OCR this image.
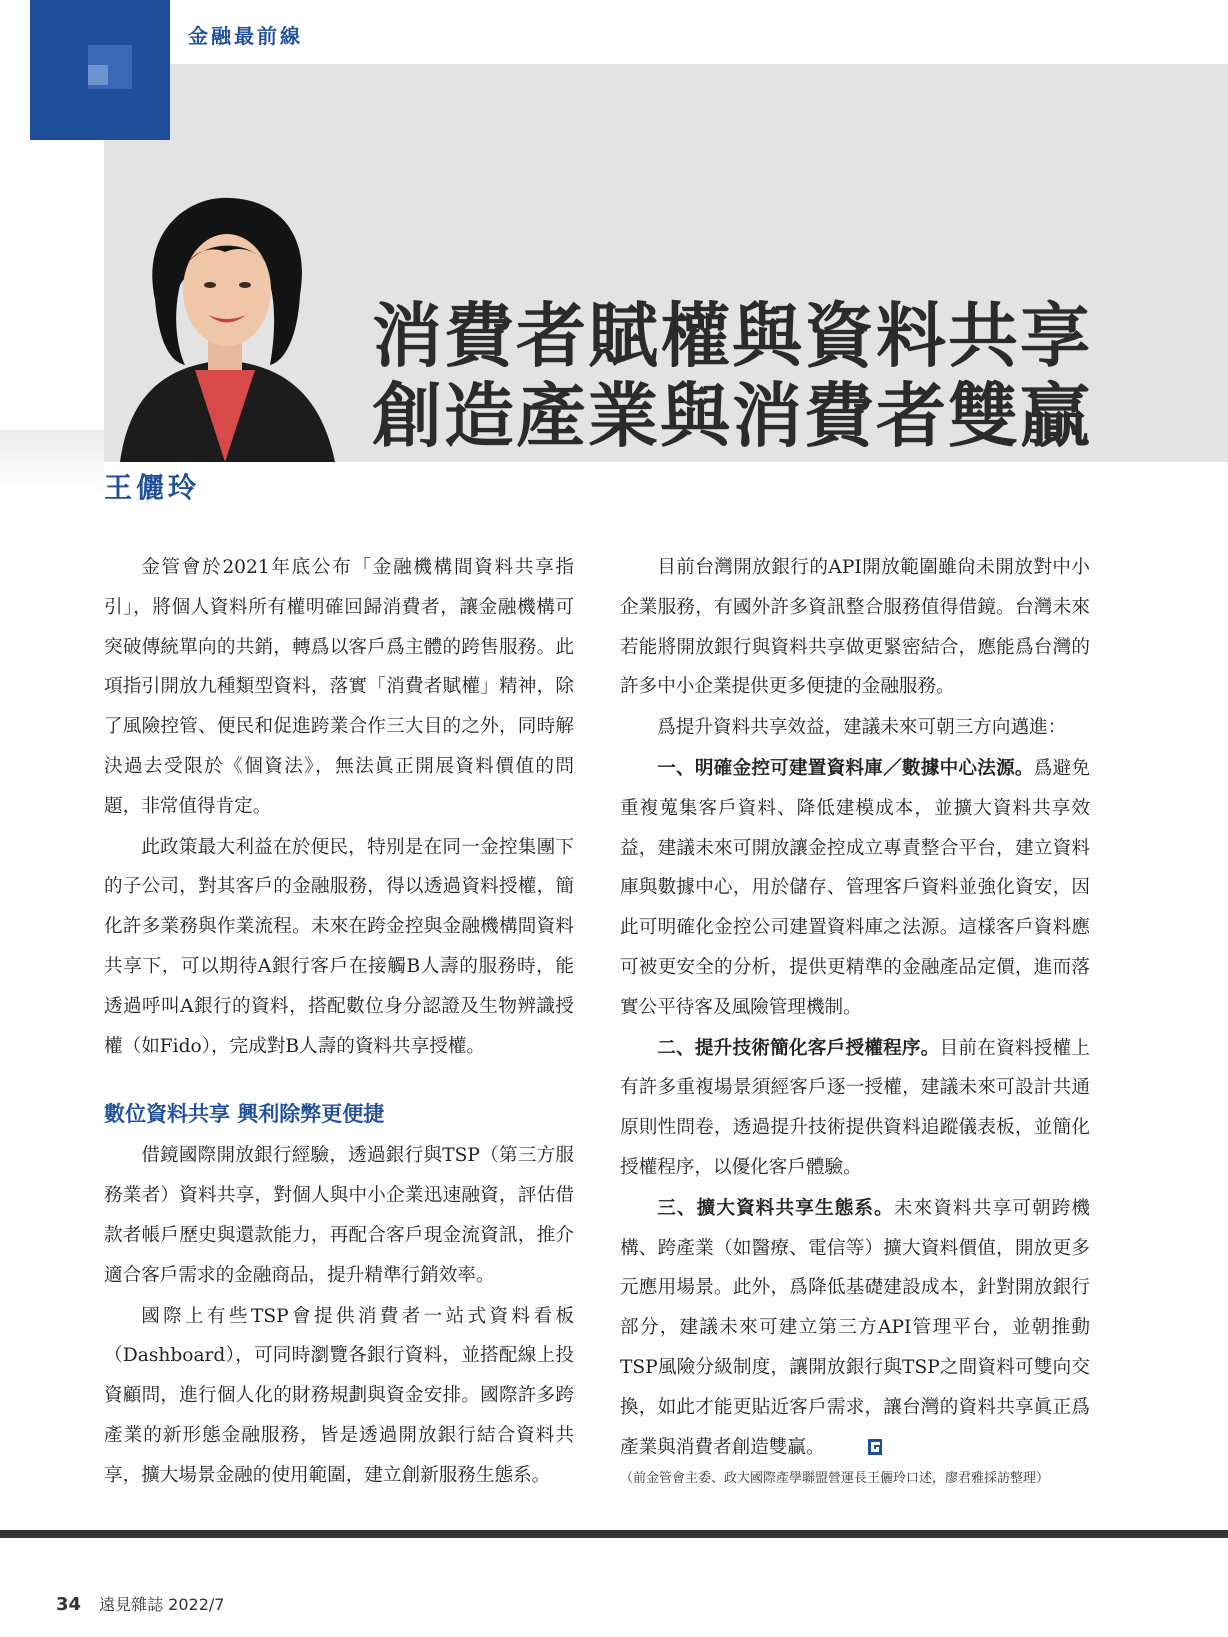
金融最前線
消費者賦權與資料共享
創造產業與消費者雙贏
王儷玲

金管會於2021年底公布「金融機構間資料共享指引」，將個人資料所有權明確回歸消費者，讓金融機構可突破傳統單向的共銷，轉爲以客戶爲主體的跨售服務。此項指引開放九種類型資料，落實「消費者賦權」精神，除了風險控管、便民和促進跨業合作三大目的之外，同時解決過去受限於《個資法》，無法眞正開展資料價值的問題，非常值得肯定。

此政策最大利益在於便民，特別是在同一金控集團下的子公司，對其客戶的金融服務，得以透過資料授權，簡化許多業務與作業流程。未來在跨金控與金融機構間資料共享下，可以期待A銀行客戶在接觸B人壽的服務時，能透過呼叫A銀行的資料，搭配數位身分認證及生物辨識授權（如Fido），完成對B人壽的資料共享授權。

數位資料共享 興利除弊更便捷

借鏡國際開放銀行經驗，透過銀行與TSP（第三方服務業者）資料共享，對個人與中小企業迅速融資，評估借款者帳戶歷史與還款能力，再配合客戶現金流資訊，推介適合客戶需求的金融商品，提升精準行銷效率。

國際上有些TSP會提供消費者一站式資料看板（Dashboard），可同時瀏覽各銀行資料，並搭配線上投資顧問，進行個人化的財務規劃與資金安排。國際許多跨產業的新形態金融服務，皆是透過開放銀行結合資料共享，擴大場景金融的使用範圍，建立創新服務生態系。

目前台灣開放銀行的API開放範圍雖尙未開放對中小企業服務，有國外許多資訊整合服務值得借鏡。台灣未來若能將開放銀行與資料共享做更緊密結合，應能爲台灣的許多中小企業提供更多便捷的金融服務。

爲提升資料共享效益，建議未來可朝三方向邁進：

一、明確金控可建置資料庫／數據中心法源。爲避免重複蒐集客戶資料、降低建模成本，並擴大資料共享效益，建議未來可開放讓金控成立專責整合平台，建立資料庫與數據中心，用於儲存、管理客戶資料並強化資安，因此可明確化金控公司建置資料庫之法源。這樣客戶資料應可被更安全的分析，提供更精準的金融產品定價，進而落實公平待客及風險管理機制。

二、提升技術簡化客戶授權程序。目前在資料授權上有許多重複場景須經客戶逐一授權，建議未來可設計共通原則性問卷，透過提升技術提供資料追蹤儀表板，並簡化授權程序，以優化客戶體驗。

三、擴大資料共享生態系。未來資料共享可朝跨機構、跨產業（如醫療、電信等）擴大資料價值，開放更多元應用場景。此外，爲降低基礎建設成本，針對開放銀行部分，建議未來可建立第三方API管理平台，並朝推動TSP風險分級制度，讓開放銀行與TSP之間資料可雙向交換，如此才能更貼近客戶需求，讓台灣的資料共享眞正爲產業與消費者創造雙贏。

（前金管會主委、政大國際產學聯盟營運長王儷玲口述，廖君雅採訪整理）

34 遠見雜誌 2022/7
